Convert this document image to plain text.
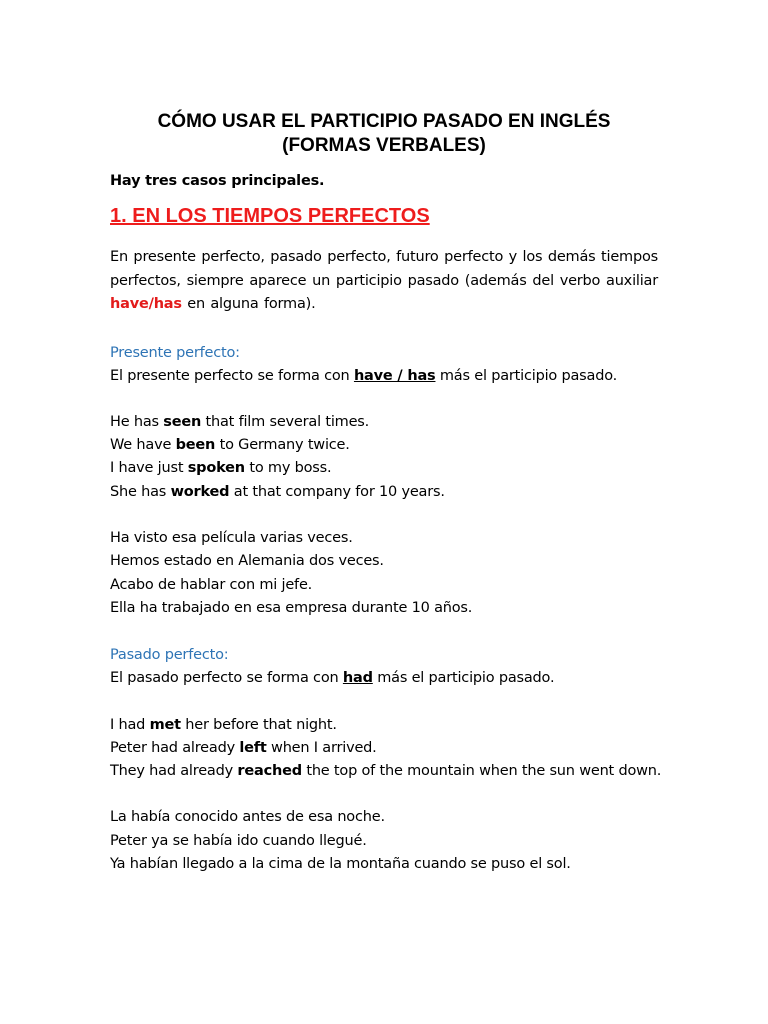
CÓMO USAR EL PARTICIPIO PASADO EN INGLÉS
(FORMAS VERBALES)
Hay tres casos principales.
1. EN LOS TIEMPOS PERFECTOS
En presente perfecto, pasado perfecto, futuro perfecto y los demás tiempos perfectos, siempre aparece un participio pasado (además del verbo auxiliar have/has en alguna forma).
Presente perfecto:
El presente perfecto se forma con have / has más el participio pasado.
He has seen that film several times.
We have been to Germany twice.
I have just spoken to my boss.
She has worked at that company for 10 years.
Ha visto esa película varias veces.
Hemos estado en Alemania dos veces.
Acabo de hablar con mi jefe.
Ella ha trabajado en esa empresa durante 10 años.
Pasado perfecto:
El pasado perfecto se forma con had más el participio pasado.
I had met her before that night.
Peter had already left when I arrived.
They had already reached the top of the mountain when the sun went down.
La había conocido antes de esa noche.
Peter ya se había ido cuando llegué.
Ya habían llegado a la cima de la montaña cuando se puso el sol.
